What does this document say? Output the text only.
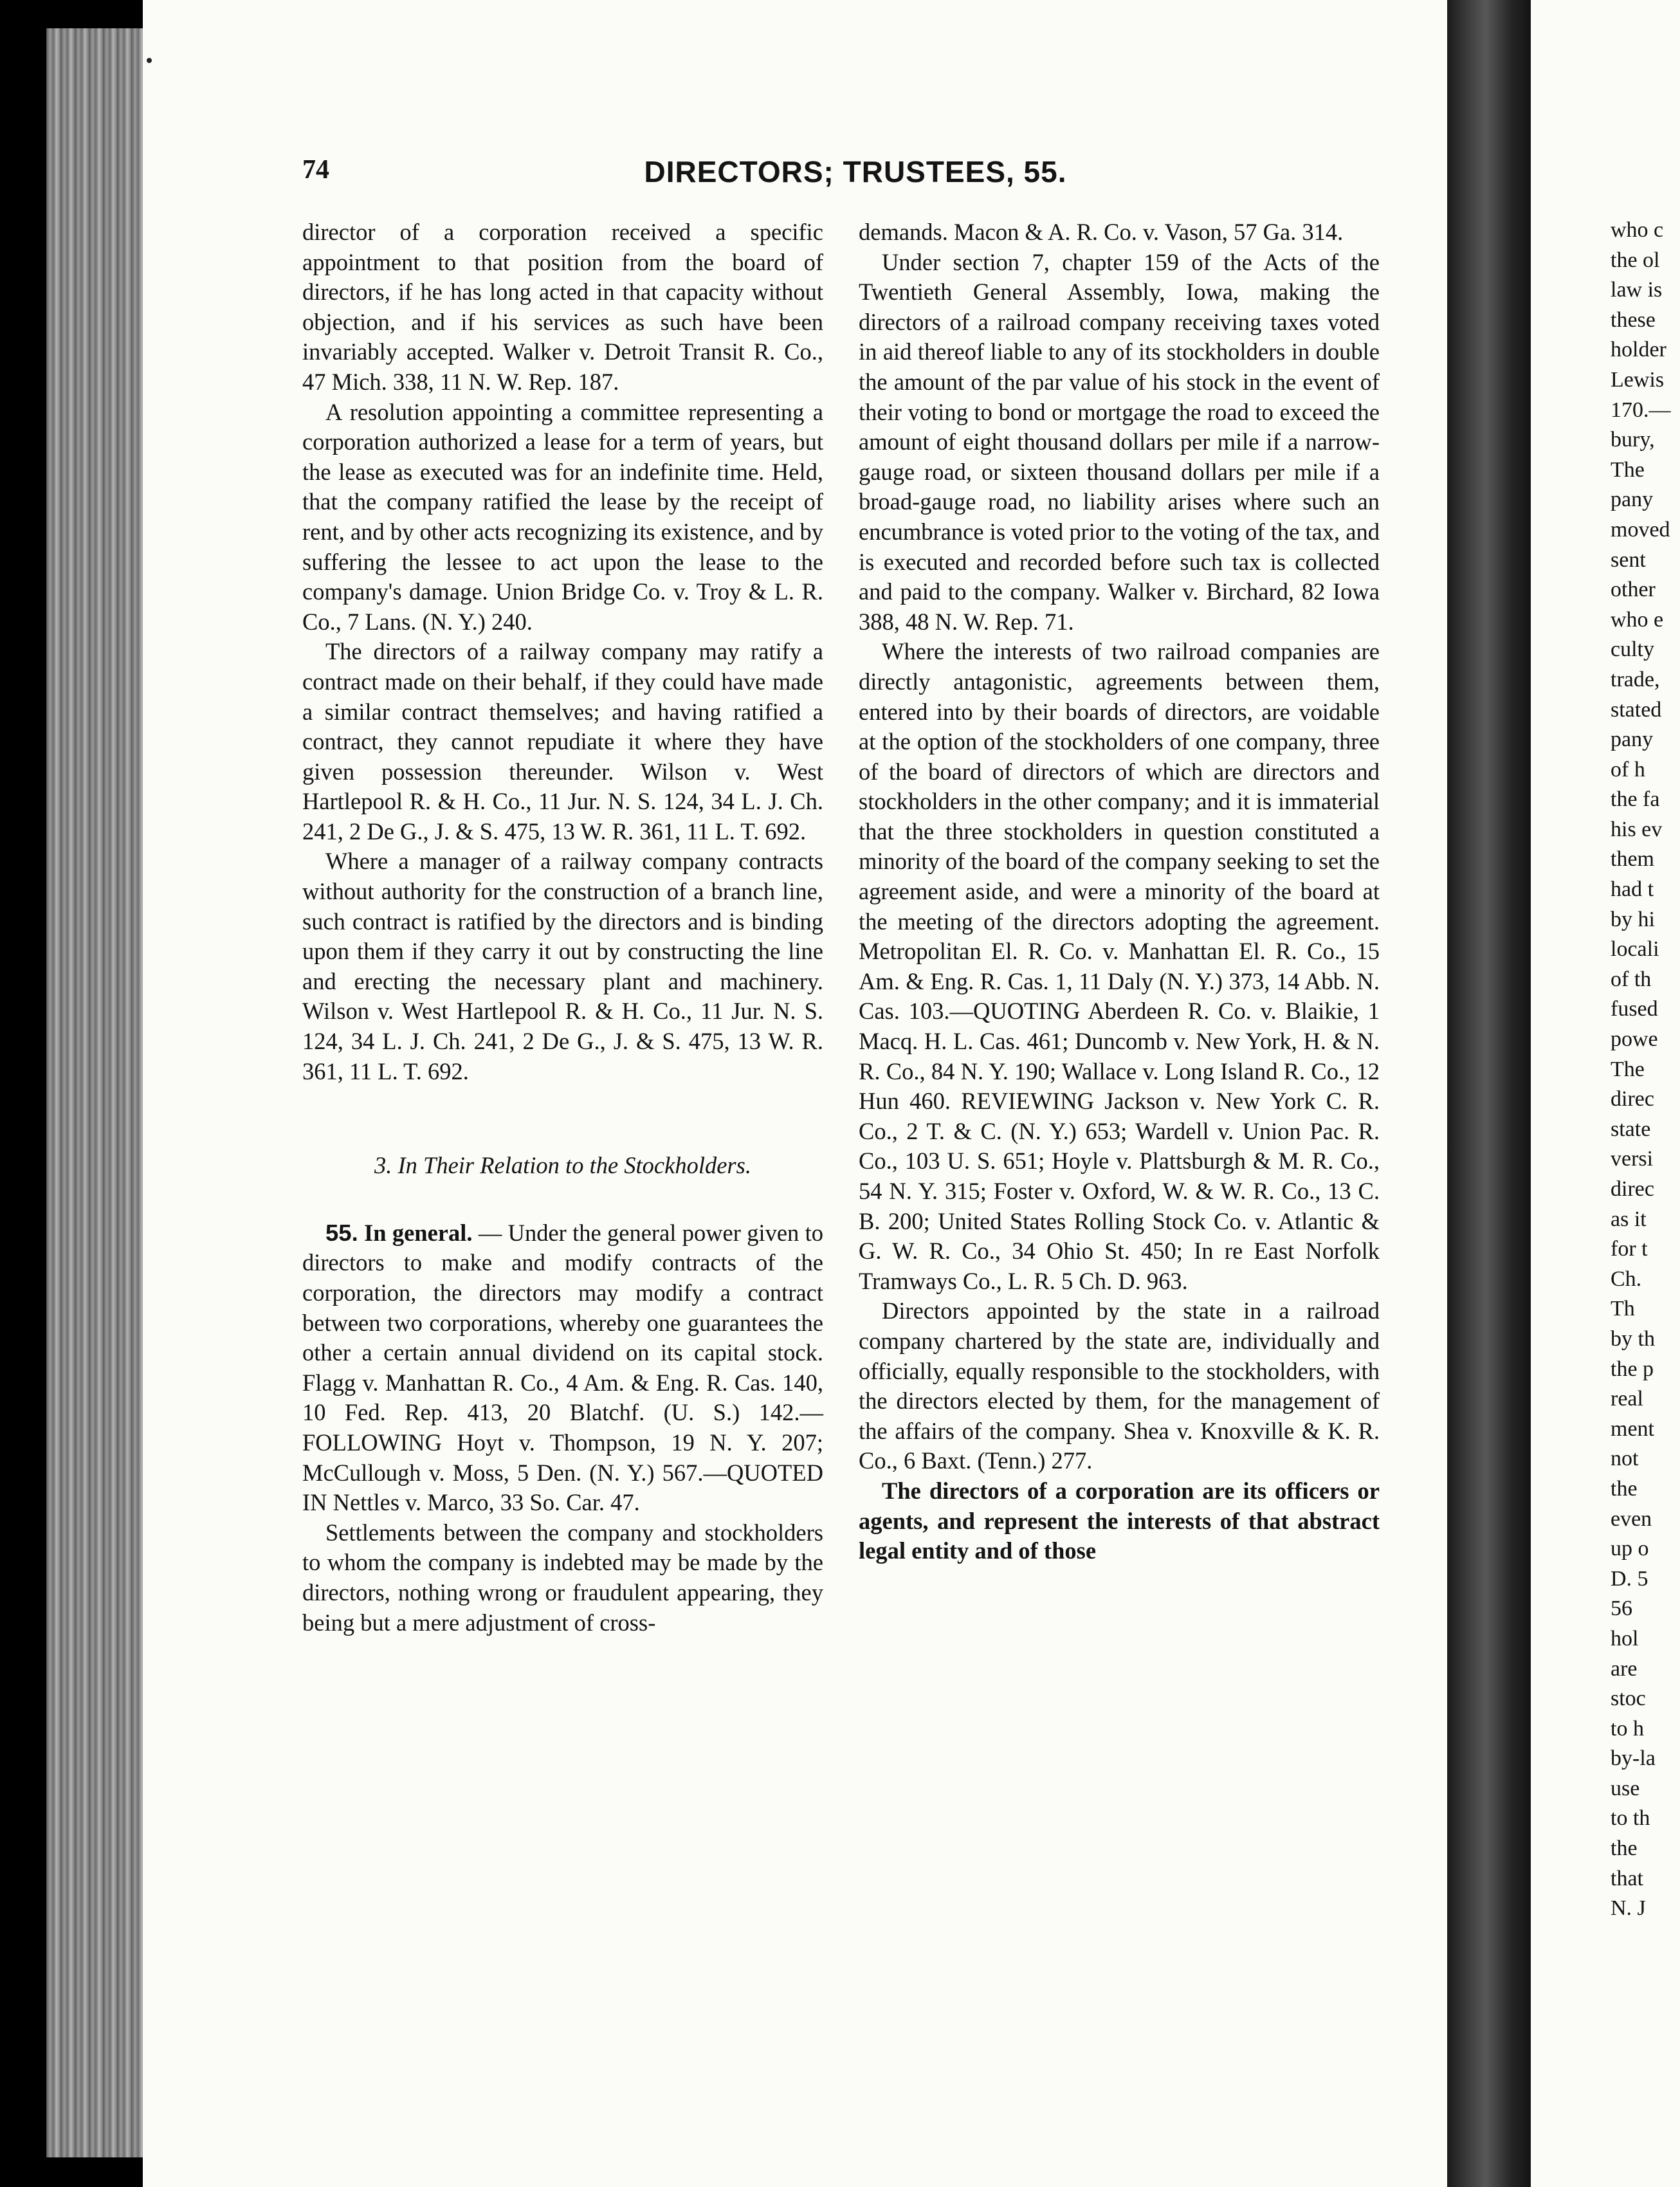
who c
the ol
law is
these
holder
Lewis
170.—
bury,
The
pany
moved
sent
other
who e
culty
trade,
stated
pany
of h
the fa
his ev
them
had t
by hi
locali
of th
fused
powe
The
direc
state
versi
direc
as it
for t
Ch.
Th
by th
the p
real
ment
not
the
even
up o
D. 5
56
hol
are
stoc
to h
by-la
use
to th
the
that
N. J
74	DIRECTORS; TRUSTEES, 55.

director of a corporation received a specific appointment to that position from the board of directors, if he has long acted in that capacity without objection, and if his services as such have been invariably accepted. Walker v. Detroit Transit R. Co., 47 Mich. 338, 11 N. W. Rep. 187.

A resolution appointing a committee representing a corporation authorized a lease for a term of years, but the lease as executed was for an indefinite time. Held, that the company ratified the lease by the receipt of rent, and by other acts recognizing its existence, and by suffering the lessee to act upon the lease to the company's damage. Union Bridge Co. v. Troy & L. R. Co., 7 Lans. (N. Y.) 240.

The directors of a railway company may ratify a contract made on their behalf, if they could have made a similar contract themselves; and having ratified a contract, they cannot repudiate it where they have given possession thereunder. Wilson v. West Hartlepool R. & H. Co., 11 Jur. N. S. 124, 34 L. J. Ch. 241, 2 De G., J. & S. 475, 13 W. R. 361, 11 L. T. 692.

Where a manager of a railway company contracts without authority for the construction of a branch line, such contract is ratified by the directors and is binding upon them if they carry it out by constructing the line and erecting the necessary plant and machinery. Wilson v. West Hartlepool R. & H. Co., 11 Jur. N. S. 124, 34 L. J. Ch. 241, 2 De G., J. & S. 475, 13 W. R. 361, 11 L. T. 692.

3. In Their Relation to the Stockholders.

55. In general. — Under the general power given to directors to make and modify contracts of the corporation, the directors may modify a contract between two corporations, whereby one guarantees the other a certain annual dividend on its capital stock. Flagg v. Manhattan R. Co., 4 Am. & Eng. R. Cas. 140, 10 Fed. Rep. 413, 20 Blatchf. (U. S.) 142.—FOLLOWING Hoyt v. Thompson, 19 N. Y. 207; McCullough v. Moss, 5 Den. (N. Y.) 567.—QUOTED IN Nettles v. Marco, 33 So. Car. 47.

Settlements between the company and stockholders to whom the company is indebted may be made by the directors, nothing wrong or fraudulent appearing, they being but a mere adjustment of cross-

demands. Macon & A. R. Co. v. Vason, 57 Ga. 314.

Under section 7, chapter 159 of the Acts of the Twentieth General Assembly, Iowa, making the directors of a railroad company receiving taxes voted in aid thereof liable to any of its stockholders in double the amount of the par value of his stock in the event of their voting to bond or mortgage the road to exceed the amount of eight thousand dollars per mile if a narrow-gauge road, or sixteen thousand dollars per mile if a broad-gauge road, no liability arises where such an encumbrance is voted prior to the voting of the tax, and is executed and recorded before such tax is collected and paid to the company. Walker v. Birchard, 82 Iowa 388, 48 N. W. Rep. 71.

Where the interests of two railroad companies are directly antagonistic, agreements between them, entered into by their boards of directors, are voidable at the option of the stockholders of one company, three of the board of directors of which are directors and stockholders in the other company; and it is immaterial that the three stockholders in question constituted a minority of the board of the company seeking to set the agreement aside, and were a minority of the board at the meeting of the directors adopting the agreement. Metropolitan El. R. Co. v. Manhattan El. R. Co., 15 Am. & Eng. R. Cas. 1, 11 Daly (N. Y.) 373, 14 Abb. N. Cas. 103.—QUOTING Aberdeen R. Co. v. Blaikie, 1 Macq. H. L. Cas. 461; Duncomb v. New York, H. & N. R. Co., 84 N. Y. 190; Wallace v. Long Island R. Co., 12 Hun 460. REVIEWING Jackson v. New York C. R. Co., 2 T. & C. (N. Y.) 653; Wardell v. Union Pac. R. Co., 103 U. S. 651; Hoyle v. Plattsburgh & M. R. Co., 54 N. Y. 315; Foster v. Oxford, W. & W. R. Co., 13 C. B. 200; United States Rolling Stock Co. v. Atlantic & G. W. R. Co., 34 Ohio St. 450; In re East Norfolk Tramways Co., L. R. 5 Ch. D. 963.

Directors appointed by the state in a railroad company chartered by the state are, individually and officially, equally responsible to the stockholders, with the directors elected by them, for the management of the affairs of the company. Shea v. Knoxville & K. R. Co., 6 Baxt. (Tenn.) 277.

The directors of a corporation are its officers or agents, and represent the interests of that abstract legal entity and of those
